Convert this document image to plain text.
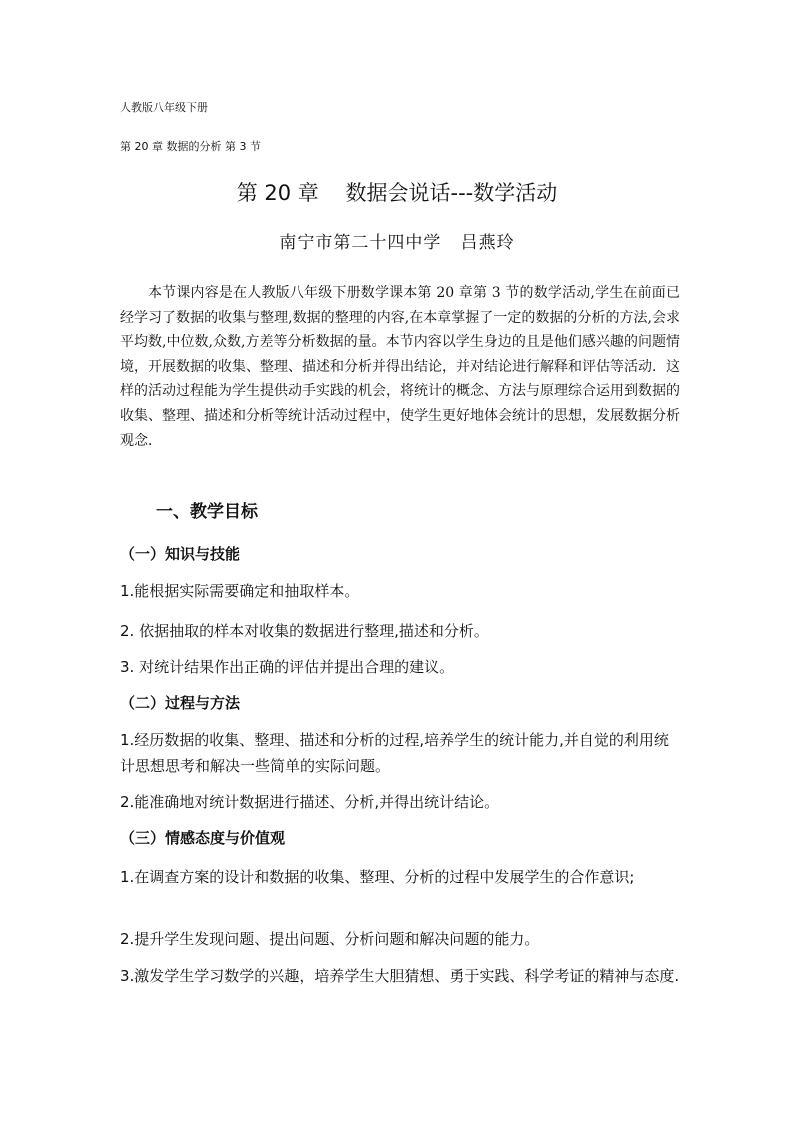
人教版八年级下册
第 20 章 数据的分析 第 3 节
第 20 章    数据会说话---数学活动
南宁市第二十四中学   吕燕玲
本节课内容是在人教版八年级下册数学课本第 20 章第 3 节的数学活动,学生在前面已经学习了数据的收集与整理,数据的整理的内容,在本章掌握了一定的数据的分析的方法,会求平均数,中位数,众数,方差等分析数据的量。本节内容以学生身边的且是他们感兴趣的问题情境，开展数据的收集、整理、描述和分析并得出结论，并对结论进行解释和评估等活动．这样的活动过程能为学生提供动手实践的机会，将统计的概念、方法与原理综合运用到数据的收集、整理、描述和分析等统计活动过程中，使学生更好地体会统计的思想，发展数据分析观念．
一、教学目标
（一）知识与技能
1.能根据实际需要确定和抽取样本。
2. 依据抽取的样本对收集的数据进行整理,描述和分析。
3. 对统计结果作出正确的评估并提出合理的建议。
（二）过程与方法
1.经历数据的收集、整理、描述和分析的过程,培养学生的统计能力,并自觉的利用统计思想思考和解决一些简单的实际问题。
2.能准确地对统计数据进行描述、分析,并得出统计结论。
（三）情感态度与价值观
1.在调查方案的设计和数据的收集、整理、分析的过程中发展学生的合作意识;
2.提升学生发现问题、提出问题、分析问题和解决问题的能力。
3.激发学生学习数学的兴趣，培养学生大胆猜想、勇于实践、科学考证的精神与态度.
